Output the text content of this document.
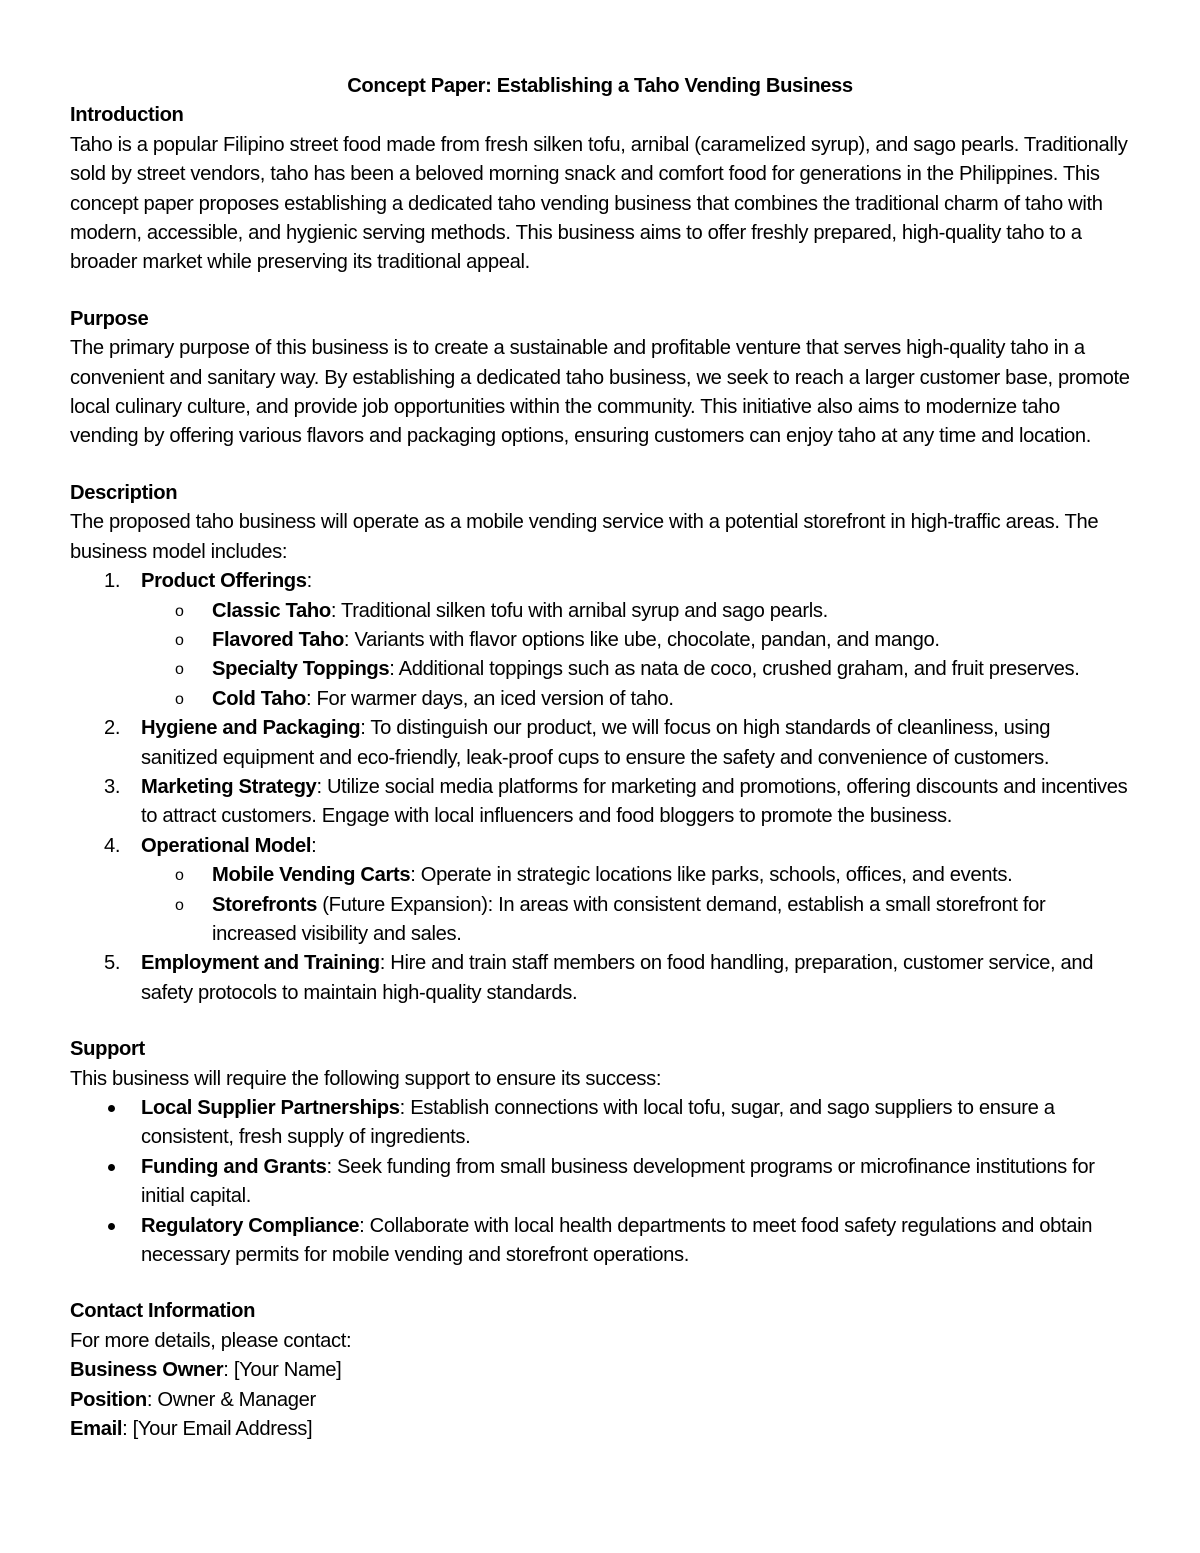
Concept Paper: Establishing a Taho Vending Business

Introduction

Taho is a popular Filipino street food made from fresh silken tofu, arnibal (caramelized syrup), and sago pearls. Traditionally sold by street vendors, taho has been a beloved morning snack and comfort food for generations in the Philippines. This concept paper proposes establishing a dedicated taho vending business that combines the traditional charm of taho with modern, accessible, and hygienic serving methods. This business aims to offer freshly prepared, high-quality taho to a broader market while preserving its traditional appeal.

Purpose

The primary purpose of this business is to create a sustainable and profitable venture that serves high-quality taho in a convenient and sanitary way. By establishing a dedicated taho business, we seek to reach a larger customer base, promote local culinary culture, and provide job opportunities within the community. This initiative also aims to modernize taho vending by offering various flavors and packaging options, ensuring customers can enjoy taho at any time and location.

Description

The proposed taho business will operate as a mobile vending service with a potential storefront in high-traffic areas. The business model includes:

1. Product Offerings:
o Classic Taho: Traditional silken tofu with arnibal syrup and sago pearls.
o Flavored Taho: Variants with flavor options like ube, chocolate, pandan, and mango.
o Specialty Toppings: Additional toppings such as nata de coco, crushed graham, and fruit preserves.
o Cold Taho: For warmer days, an iced version of taho.
2. Hygiene and Packaging: To distinguish our product, we will focus on high standards of cleanliness, using sanitized equipment and eco-friendly, leak-proof cups to ensure the safety and convenience of customers.
3. Marketing Strategy: Utilize social media platforms for marketing and promotions, offering discounts and incentives to attract customers. Engage with local influencers and food bloggers to promote the business.
4. Operational Model:
o Mobile Vending Carts: Operate in strategic locations like parks, schools, offices, and events.
o Storefronts (Future Expansion): In areas with consistent demand, establish a small storefront for increased visibility and sales.
5. Employment and Training: Hire and train staff members on food handling, preparation, customer service, and safety protocols to maintain high-quality standards.
Support

This business will require the following support to ensure its success:

Local Supplier Partnerships: Establish connections with local tofu, sugar, and sago suppliers to ensure a consistent, fresh supply of ingredients.
Funding and Grants: Seek funding from small business development programs or microfinance institutions for initial capital.
Regulatory Compliance: Collaborate with local health departments to meet food safety regulations and obtain necessary permits for mobile vending and storefront operations.
Contact Information

For more details, please contact:

Business Owner: [Your Name]

Position: Owner & Manager

Email: [Your Email Address]
